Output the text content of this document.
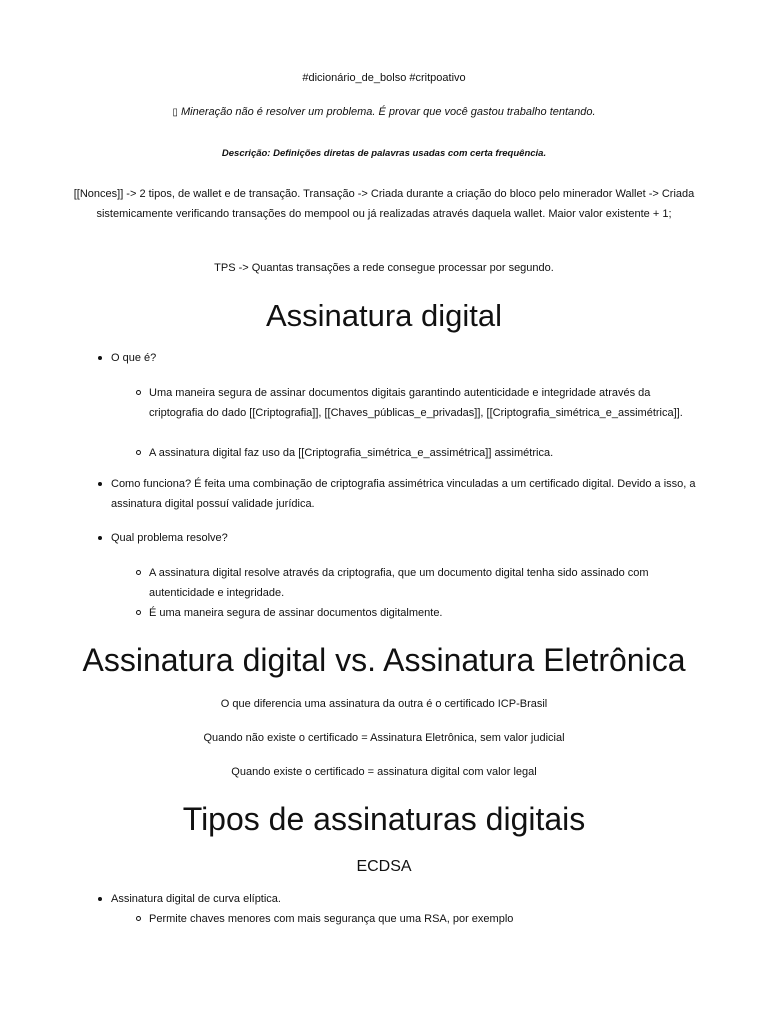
#dicionário_de_bolso #critpoativo

▯ Mineração não é resolver um problema. É provar que você gastou trabalho tentando.

Descrição: Definições diretas de palavras usadas com certa frequência.

[[Nonces]] -> 2 tipos, de wallet e de transação. Transação -> Criada durante a criação do bloco pelo minerador Wallet -> Criada sistemicamente verificando transações do mempool ou já realizadas através daquela wallet. Maior valor existente + 1;

TPS -> Quantas transações a rede consegue processar por segundo.

Assinatura digital
O que é?
Uma maneira segura de assinar documentos digitais garantindo autenticidade e integridade através da criptografia do dado [[Criptografia]], [[Chaves_públicas_e_privadas]], [[Criptografia_simétrica_e_assimétrica]].
A assinatura digital faz uso da [[Criptografia_simétrica_e_assimétrica]] assimétrica.
Como funciona? É feita uma combinação de criptografia assimétrica vinculadas a um certificado digital. Devido a isso, a assinatura digital possuí validade jurídica.
Qual problema resolve?
A assinatura digital resolve através da criptografia, que um documento digital tenha sido assinado com autenticidade e integridade.
É uma maneira segura de assinar documentos digitalmente.
Assinatura digital vs. Assinatura Eletrônica

O que diferencia uma assinatura da outra é o certificado ICP-Brasil

Quando não existe o certificado = Assinatura Eletrônica, sem valor judicial

Quando existe o certificado = assinatura digital com valor legal

Tipos de assinaturas digitais

ECDSA

Assinatura digital de curva elíptica.
Permite chaves menores com mais segurança que uma RSA, por exemplo
